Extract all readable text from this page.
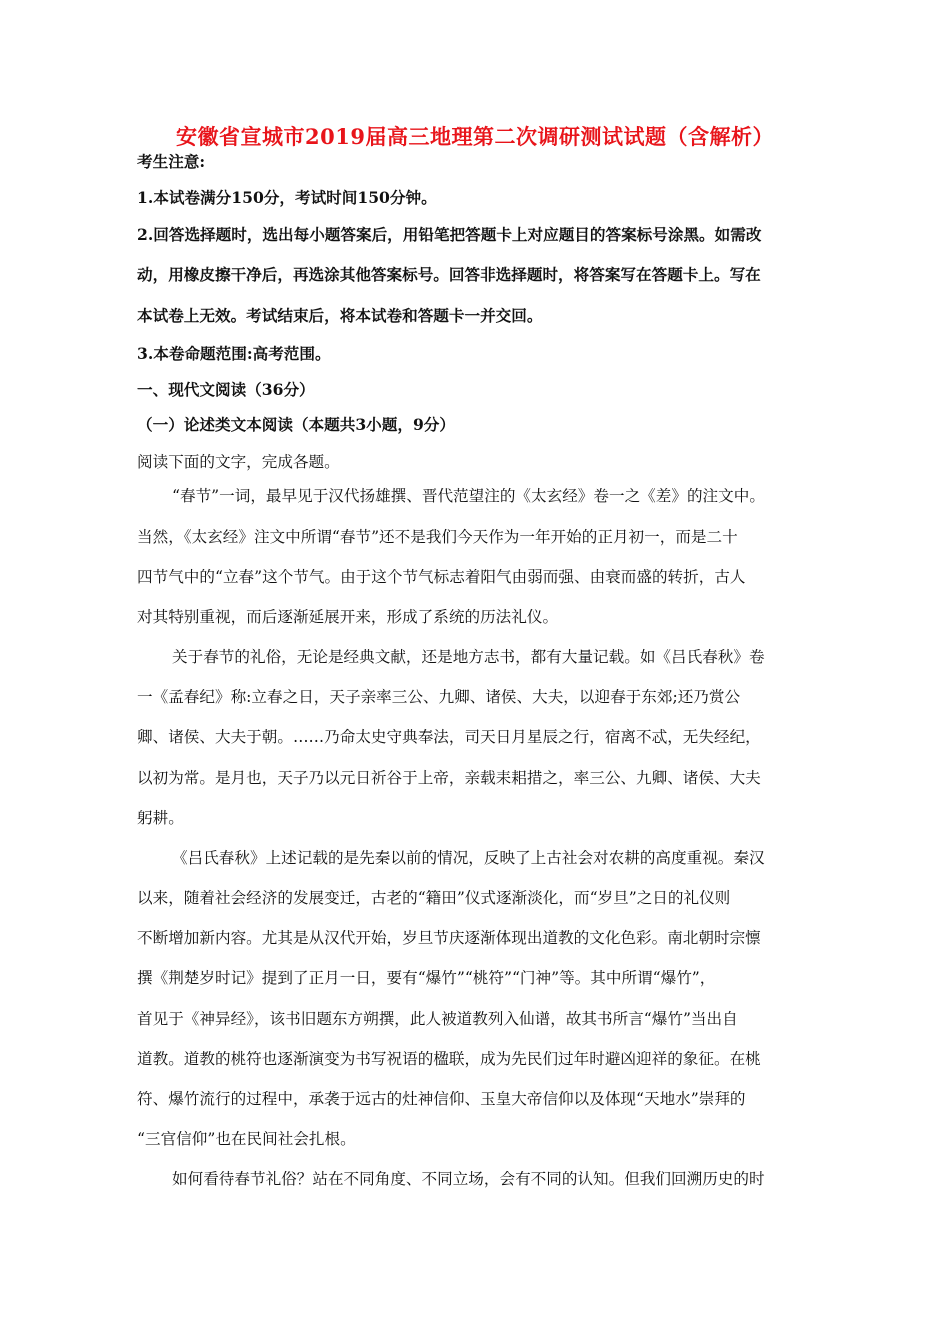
安徽省宣城市2019届高三地理第二次调研测试试题（含解析）
考生注意:
1.本试卷满分150分，考试时间150分钟。
2.回答选择题时，选出每小题答案后，用铅笔把答题卡上对应题目的答案标号涂黑。如需改
动，用橡皮擦干净后，再选涂其他答案标号。回答非选择题时，将答案写在答题卡上。写在
本试卷上无效。考试结束后，将本试卷和答题卡一并交回。
3.本卷命题范围:高考范围。
一、现代文阅读（36分）
（一）论述类文本阅读（本题共3小题，9分）
阅读下面的文字，完成各题。
“春节”一词，最早见于汉代扬雄撰、晋代范望注的《太玄经》卷一之《差》的注文中。
当然，《太玄经》注文中所谓“春节”还不是我们今天作为一年开始的正月初一，而是二十
四节气中的“立春”这个节气。由于这个节气标志着阳气由弱而强、由衰而盛的转折，古人
对其特别重视，而后逐渐延展开来，形成了系统的历法礼仪。
关于春节的礼俗，无论是经典文献，还是地方志书，都有大量记载。如《吕氏春秋》卷
一《孟春纪》称:立春之日，天子亲率三公、九卿、诸侯、大夫，以迎春于东郊;还乃赏公
卿、诸侯、大夫于朝。……乃命太史守典奉法，司天日月星辰之行，宿离不忒，无失经纪，
以初为常。是月也，天子乃以元日祈谷于上帝，亲载耒耜措之，率三公、九卿、诸侯、大夫
躬耕。
《吕氏春秋》上述记载的是先秦以前的情况，反映了上古社会对农耕的高度重视。秦汉
以来，随着社会经济的发展变迁，古老的“籍田”仪式逐渐淡化，而“岁旦”之日的礼仪则
不断增加新内容。尤其是从汉代开始，岁旦节庆逐渐体现出道教的文化色彩。南北朝时宗懔
撰《荆楚岁时记》提到了正月一日，要有“爆竹”“桃符”“门神”等。其中所谓“爆竹”，
首见于《神异经》，该书旧题东方朔撰，此人被道教列入仙谱，故其书所言“爆竹”当出自
道教。道教的桃符也逐渐演变为书写祝语的楹联，成为先民们过年时避凶迎祥的象征。在桃
符、爆竹流行的过程中，承袭于远古的灶神信仰、玉皇大帝信仰以及体现“天地水”崇拜的
“三官信仰”也在民间社会扎根。
如何看待春节礼俗？站在不同角度、不同立场，会有不同的认知。但我们回溯历史的时
